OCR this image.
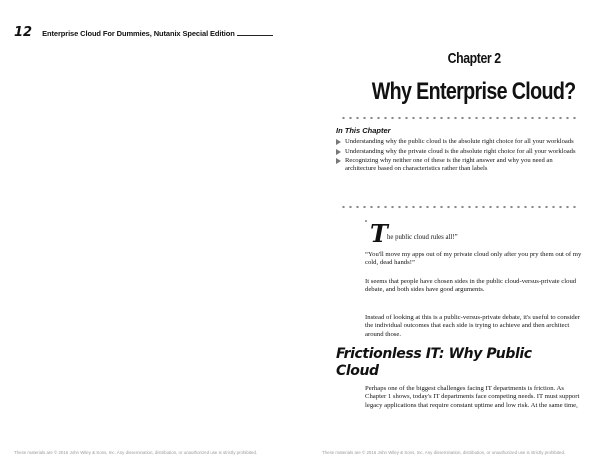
12 Enterprise Cloud For Dummies, Nutanix Special Edition
These materials are © 2016 John Wiley & Sons, Inc. Any dissemination, distribution, or unauthorized use is strictly prohibited.
Chapter 2
Why Enterprise Cloud?
In This Chapter
Understanding why the public cloud is the absolute right choice for all your workloads
Understanding why the private cloud is the absolute right choice for all your workloads
Recognizing why neither one of these is the right answer and why you need an architecture based on characteristics rather than labels
“ T he public cloud rules all!”

“You'll move my apps out of my private cloud only after you pry them out of my cold, dead hands!”

It seems that people have chosen sides in the public cloud-versus-private cloud debate, and both sides have good arguments.

Instead of looking at this is a public-versus-private debate, it's useful to consider the individual outcomes that each side is trying to achieve and then architect around those.

Frictionless IT: Why Public Cloud

Perhaps one of the biggest challenges facing IT departments is friction. As Chapter 1 shows, today's IT departments face competing needs. IT must support legacy applications that require constant uptime and low risk. At the same time,

These materials are © 2016 John Wiley & Sons, Inc. Any dissemination, distribution, or unauthorized use is strictly prohibited.
